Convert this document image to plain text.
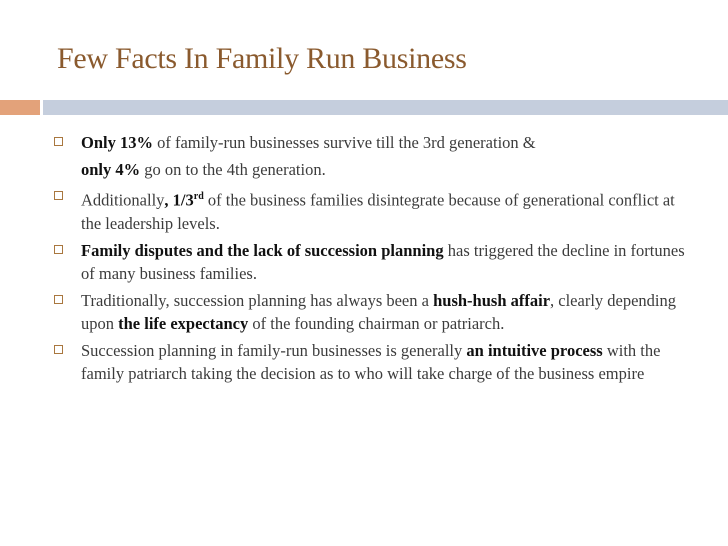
Few Facts In Family Run Business
Only 13% of family-run businesses survive till the 3rd generation &
only 4% go on to the 4th generation.
Additionally, 1/3rd of the business families disintegrate because of generational conflict at the leadership levels.
Family disputes and the lack of succession planning has triggered the decline in fortunes of many business families.
Traditionally, succession planning has always been a hush-hush affair, clearly depending upon the life expectancy of the founding chairman or patriarch.
Succession planning in family-run businesses is generally an intuitive process with the family patriarch taking the decision as to who will take charge of the business empire
